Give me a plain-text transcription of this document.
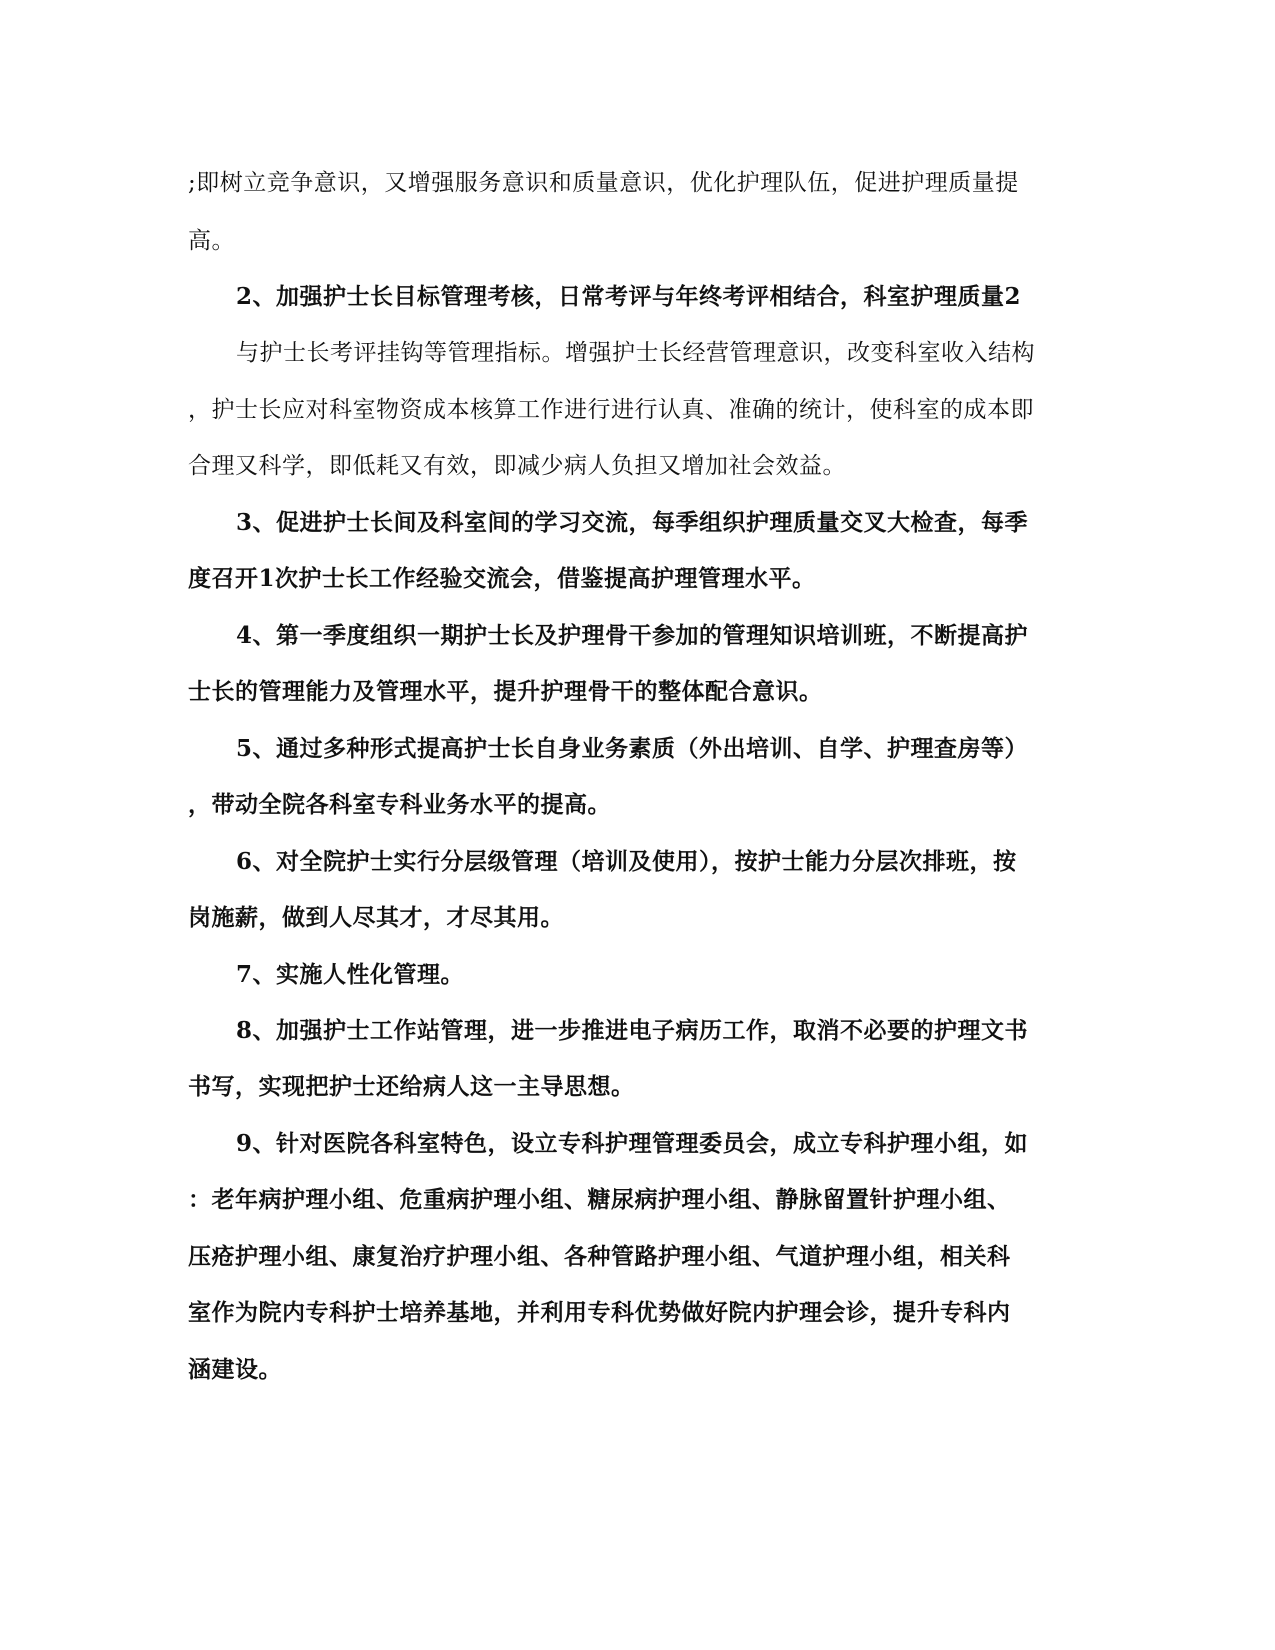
;即树立竞争意识，又增强服务意识和质量意识，优化护理队伍，促进护理质量提
高。
2、加强护士长目标管理考核，日常考评与年终考评相结合，科室护理质量2
与护士长考评挂钩等管理指标。增强护士长经营管理意识，改变科室收入结构
，护士长应对科室物资成本核算工作进行进行认真、准确的统计，使科室的成本即
合理又科学，即低耗又有效，即减少病人负担又增加社会效益。
3、促进护士长间及科室间的学习交流，每季组织护理质量交叉大检查，每季
度召开1次护士长工作经验交流会，借鉴提高护理管理水平。
4、第一季度组织一期护士长及护理骨干参加的管理知识培训班，不断提高护
士长的管理能力及管理水平，提升护理骨干的整体配合意识。
5、通过多种形式提高护士长自身业务素质（外出培训、自学、护理查房等）
，带动全院各科室专科业务水平的提高。
6、对全院护士实行分层级管理（培训及使用），按护士能力分层次排班，按
岗施薪，做到人尽其才，才尽其用。
7、实施人性化管理。
8、加强护士工作站管理，进一步推进电子病历工作，取消不必要的护理文书
书写，实现把护士还给病人这一主导思想。
9、针对医院各科室特色，设立专科护理管理委员会，成立专科护理小组，如
：老年病护理小组、危重病护理小组、糖尿病护理小组、静脉留置针护理小组、
压疮护理小组、康复治疗护理小组、各种管路护理小组、气道护理小组，相关科
室作为院内专科护士培养基地，并利用专科优势做好院内护理会诊，提升专科内
涵建设。
